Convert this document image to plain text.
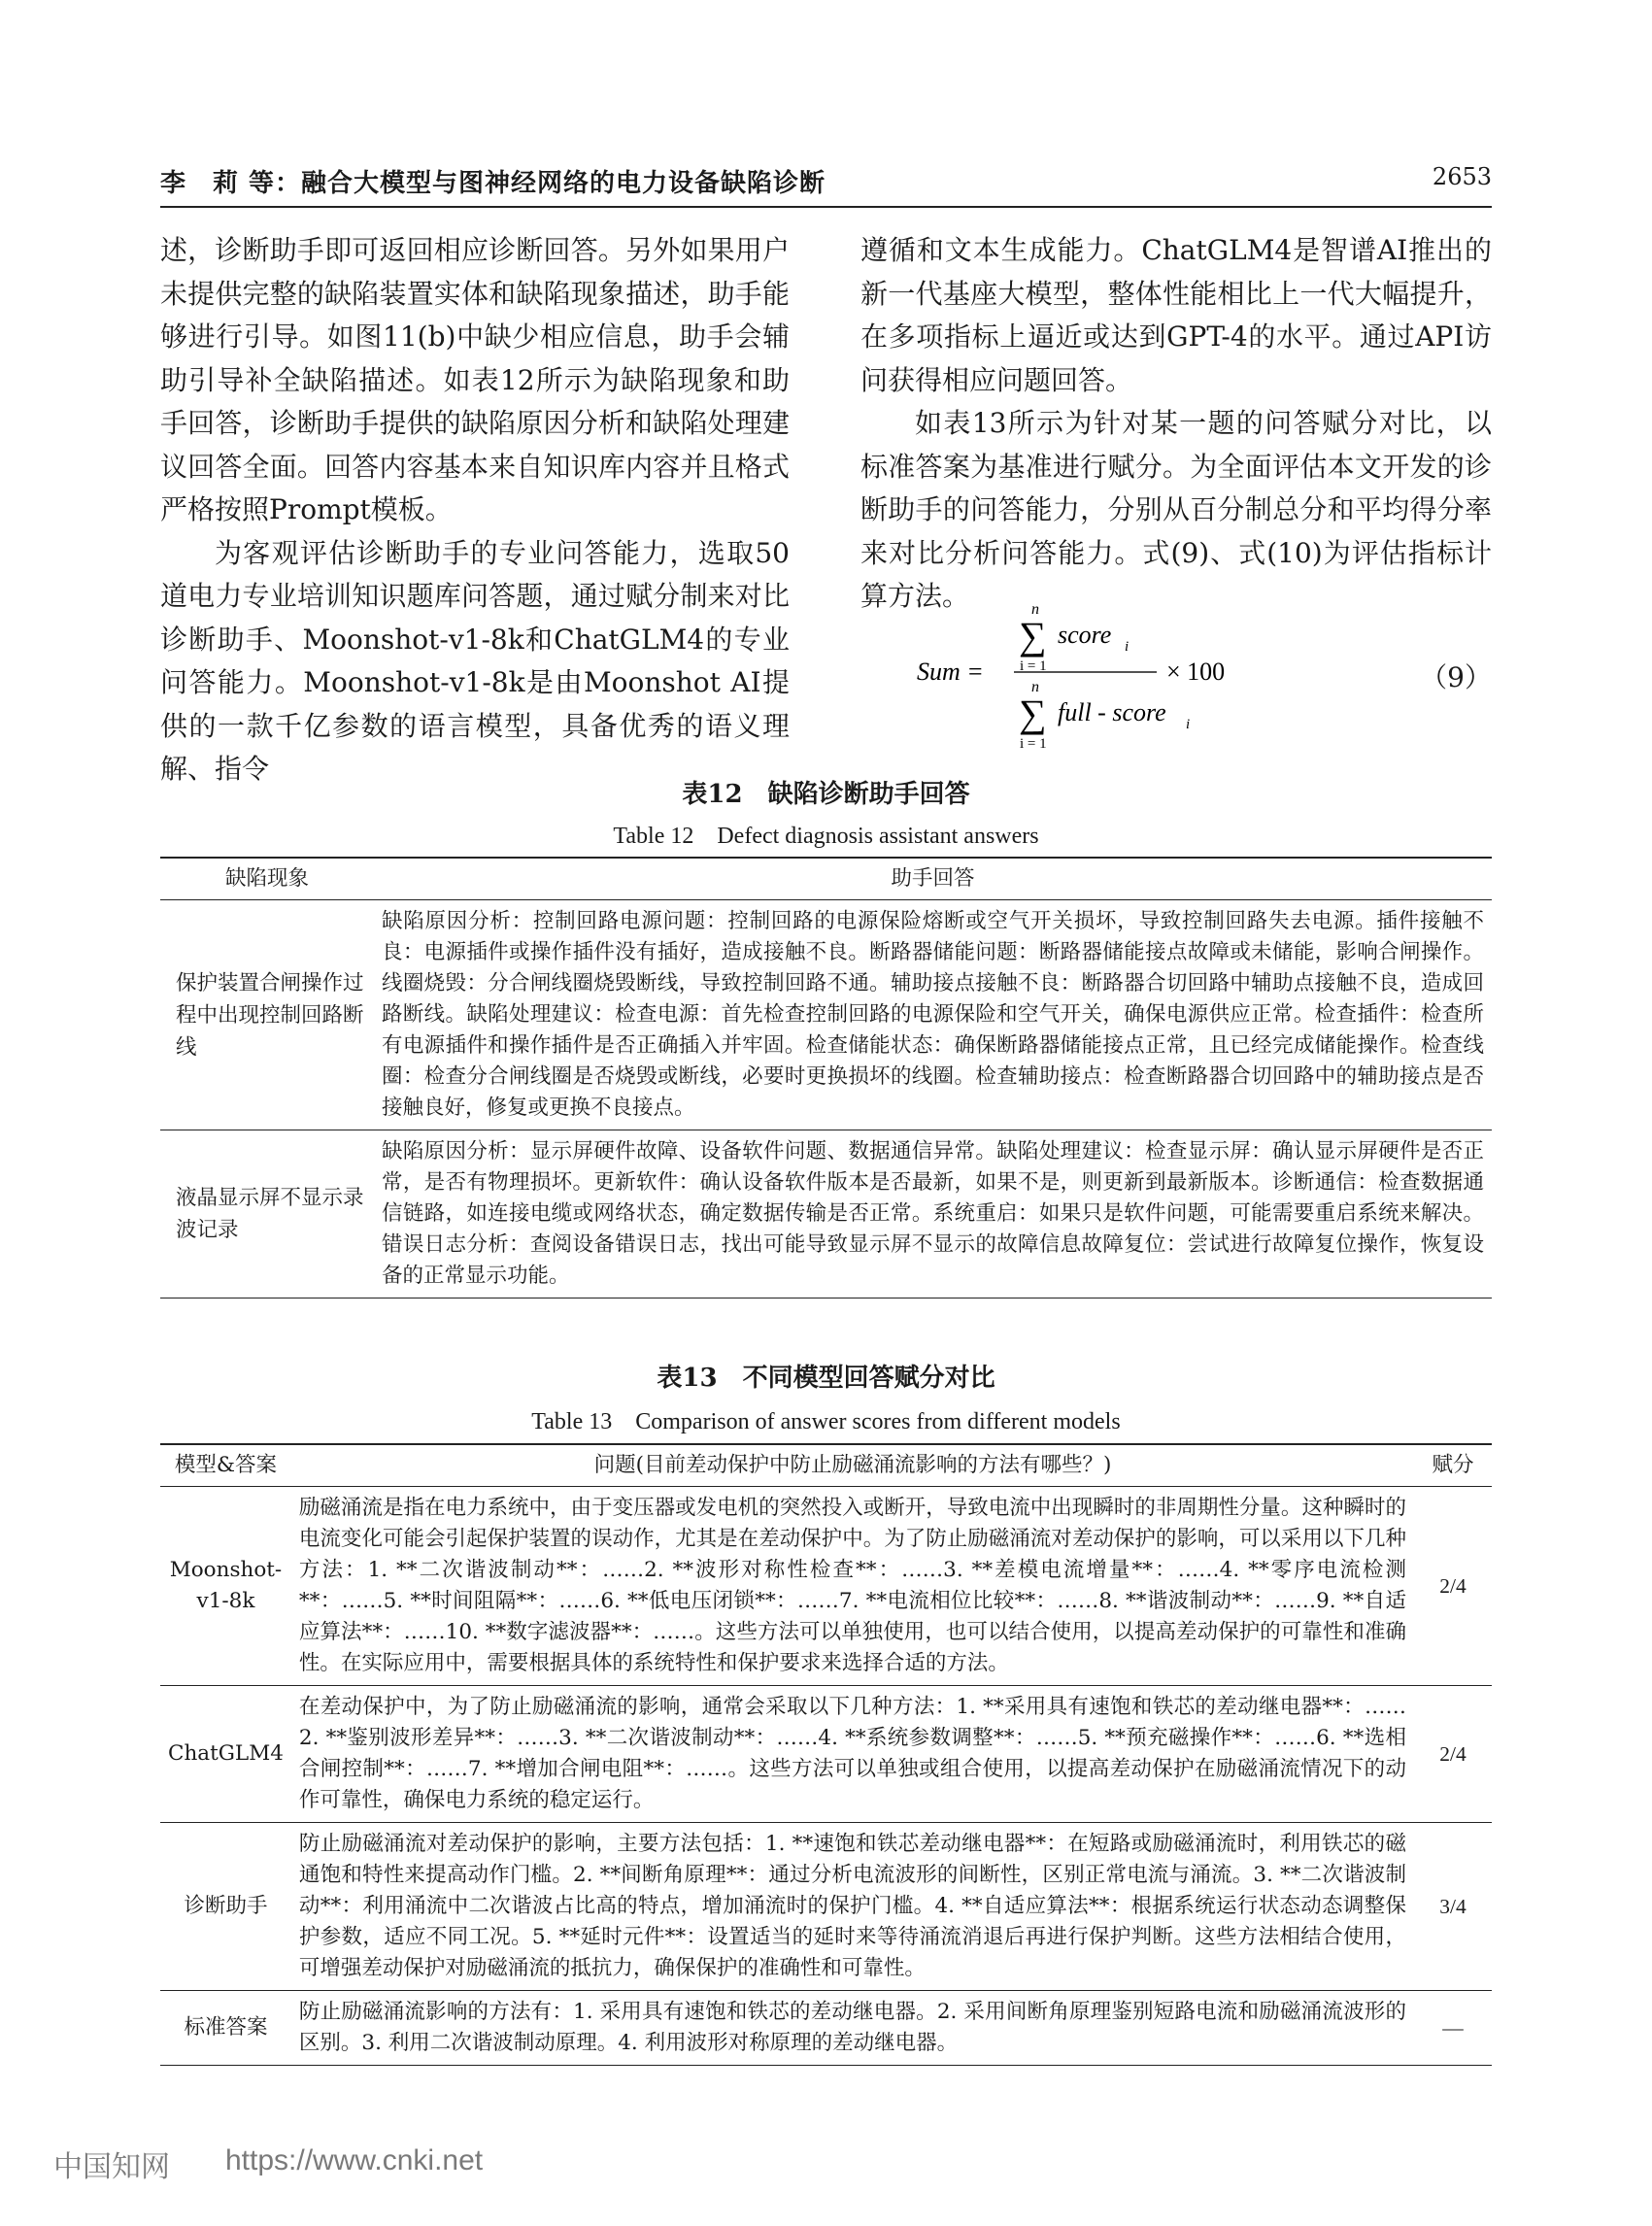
李　莉 等：融合大模型与图神经网络的电力设备缺陷诊断	2653

述，诊断助手即可返回相应诊断回答。另外如果用户未提供完整的缺陷装置实体和缺陷现象描述，助手能够进行引导。如图11(b)中缺少相应信息，助手会辅助引导补全缺陷描述。如表12所示为缺陷现象和助手回答，诊断助手提供的缺陷原因分析和缺陷处理建议回答全面。回答内容基本来自知识库内容并且格式严格按照Prompt模板。

为客观评估诊断助手的专业问答能力，选取50道电力专业培训知识题库问答题，通过赋分制来对比诊断助手、Moonshot-v1-8k和ChatGLM4的专业问答能力。Moonshot-v1-8k是由Moonshot AI提供的一款千亿参数的语言模型，具备优秀的语义理解、指令

遵循和文本生成能力。ChatGLM4是智谱AI推出的新一代基座大模型，整体性能相比上一代大幅提升，在多项指标上逼近或达到GPT-4的水平。通过API访问获得相应问题回答。

如表13所示为针对某一题的问答赋分对比，以标准答案为基准进行赋分。为全面评估本文开发的诊断助手的问答能力，分别从百分制总分和平均得分率来对比分析问答能力。式(9)、式(10)为评估指标计算方法。

Sum =
n
∑
i = 1
score i
n
∑
i = 1
full - score i
× 100	（9）
表12　缺陷诊断助手回答
Table 12　Defect diagnosis assistant answers
缺陷现象	助手回答
保护装置合闸操作过程中出现控制回路断线	缺陷原因分析：控制回路电源问题：控制回路的电源保险熔断或空气开关损坏，导致控制回路失去电源。插件接触不良：电源插件或操作插件没有插好，造成接触不良。断路器储能问题：断路器储能接点故障或未储能，影响合闸操作。线圈烧毁：分合闸线圈烧毁断线，导致控制回路不通。辅助接点接触不良：断路器合切回路中辅助点接触不良，造成回路断线。缺陷处理建议：检查电源：首先检查控制回路的电源保险和空气开关，确保电源供应正常。检查插件：检查所有电源插件和操作插件是否正确插入并牢固。检查储能状态：确保断路器储能接点正常，且已经完成储能操作。检查线圈：检查分合闸线圈是否烧毁或断线，必要时更换损坏的线圈。检查辅助接点：检查断路器合切回路中的辅助接点是否接触良好，修复或更换不良接点。
液晶显示屏不显示录波记录	缺陷原因分析：显示屏硬件故障、设备软件问题、数据通信异常。缺陷处理建议：检查显示屏：确认显示屏硬件是否正常，是否有物理损坏。更新软件：确认设备软件版本是否最新，如果不是，则更新到最新版本。诊断通信：检查数据通信链路，如连接电缆或网络状态，确定数据传输是否正常。系统重启：如果只是软件问题，可能需要重启系统来解决。错误日志分析：查阅设备错误日志，找出可能导致显示屏不显示的故障信息故障复位：尝试进行故障复位操作，恢复设备的正常显示功能。
表13　不同模型回答赋分对比
Table 13　Comparison of answer scores from different models
模型&答案	问题(目前差动保护中防止励磁涌流影响的方法有哪些？)	赋分
Moonshot-v1-8k	励磁涌流是指在电力系统中，由于变压器或发电机的突然投入或断开，导致电流中出现瞬时的非周期性分量。这种瞬时的电流变化可能会引起保护装置的误动作，尤其是在差动保护中。为了防止励磁涌流对差动保护的影响，可以采用以下几种方法：1. **二次谐波制动**：……2. **波形对称性检查**：……3. **差模电流增量**：……4. **零序电流检测**：……5. **时间阻隔**：……6. **低电压闭锁**：……7. **电流相位比较**：……8. **谐波制动**：……9. **自适应算法**：……10. **数字滤波器**：……。这些方法可以单独使用，也可以结合使用，以提高差动保护的可靠性和准确性。在实际应用中，需要根据具体的系统特性和保护要求来选择合适的方法。	2/4
ChatGLM4	在差动保护中，为了防止励磁涌流的影响，通常会采取以下几种方法：1. **采用具有速饱和铁芯的差动继电器**：……2. **鉴别波形差异**：……3. **二次谐波制动**：……4. **系统参数调整**：……5. **预充磁操作**：……6. **选相合闸控制**：……7. **增加合闸电阻**：……。这些方法可以单独或组合使用，以提高差动保护在励磁涌流情况下的动作可靠性，确保电力系统的稳定运行。	2/4
诊断助手	防止励磁涌流对差动保护的影响，主要方法包括：1. **速饱和铁芯差动继电器**：在短路或励磁涌流时，利用铁芯的磁通饱和特性来提高动作门槛。2. **间断角原理**：通过分析电流波形的间断性，区别正常电流与涌流。3. **二次谐波制动**：利用涌流中二次谐波占比高的特点，增加涌流时的保护门槛。4. **自适应算法**：根据系统运行状态动态调整保护参数，适应不同工况。5. **延时元件**：设置适当的延时来等待涌流消退后再进行保护判断。这些方法相结合使用，可增强差动保护对励磁涌流的抵抗力，确保保护的准确性和可靠性。	3/4
标准答案	防止励磁涌流影响的方法有：1. 采用具有速饱和铁芯的差动继电器。2. 采用间断角原理鉴别短路电流和励磁涌流波形的区别。3. 利用二次谐波制动原理。4. 利用波形对称原理的差动继电器。	—
中国知网 https://www.cnki.net
